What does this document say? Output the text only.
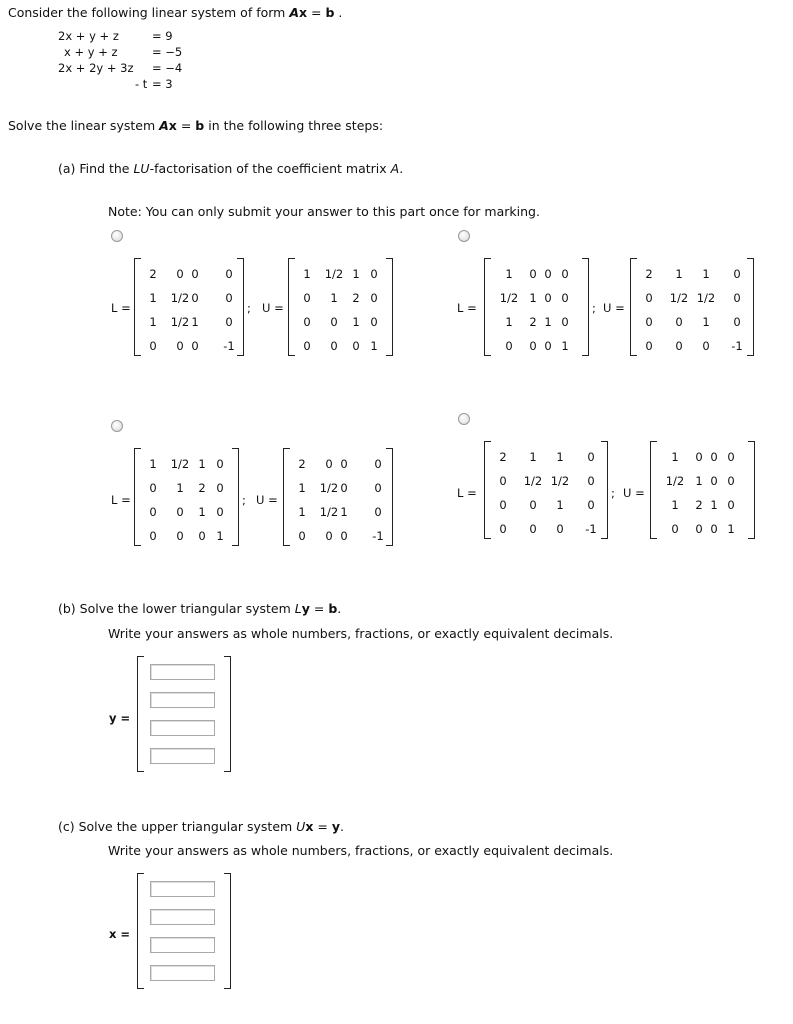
Consider the following linear system of form Ax = b .
2x + y + z	= 9
x + y + z	= −5
2x + 2y + 3z = −4
- t = 3
Solve the linear system Ax = b in the following three steps:
(a) Find the LU-factorisation of the coefficient matrix A.
Note: You can only submit your answer to this part once for marking.
L =
2 0 0 0
1 1/2 0 0
1 1/2 1 0
0 0 0 -1
; U =
1 1/2 1 0
0 1 2 0
0 0 1 0
0 0 0 1
L =
1 0 0 0
1/2 1 0 0
1 2 1 0
0 0 0 1
; U =
2 1 1 0
0 1/2 1/2 0
0 0 1 0
0 0 0 -1
L =
1 1/2 1 0
0 1 2 0
0 0 1 0
0 0 0 1
; U =
2 0 0 0
1 1/2 0 0
1 1/2 1 0
0 0 0 -1
L =
2 1 1 0
0 1/2 1/2 0
0 0 1 0
0 0 0 -1
; U =
1 0 0 0
1/2 1 0 0
1 2 1 0
0 0 0 1
(b) Solve the lower triangular system Ly = b.
Write your answers as whole numbers, fractions, or exactly equivalent decimals.
y =
(c) Solve the upper triangular system Ux = y.
Write your answers as whole numbers, fractions, or exactly equivalent decimals.
x =
